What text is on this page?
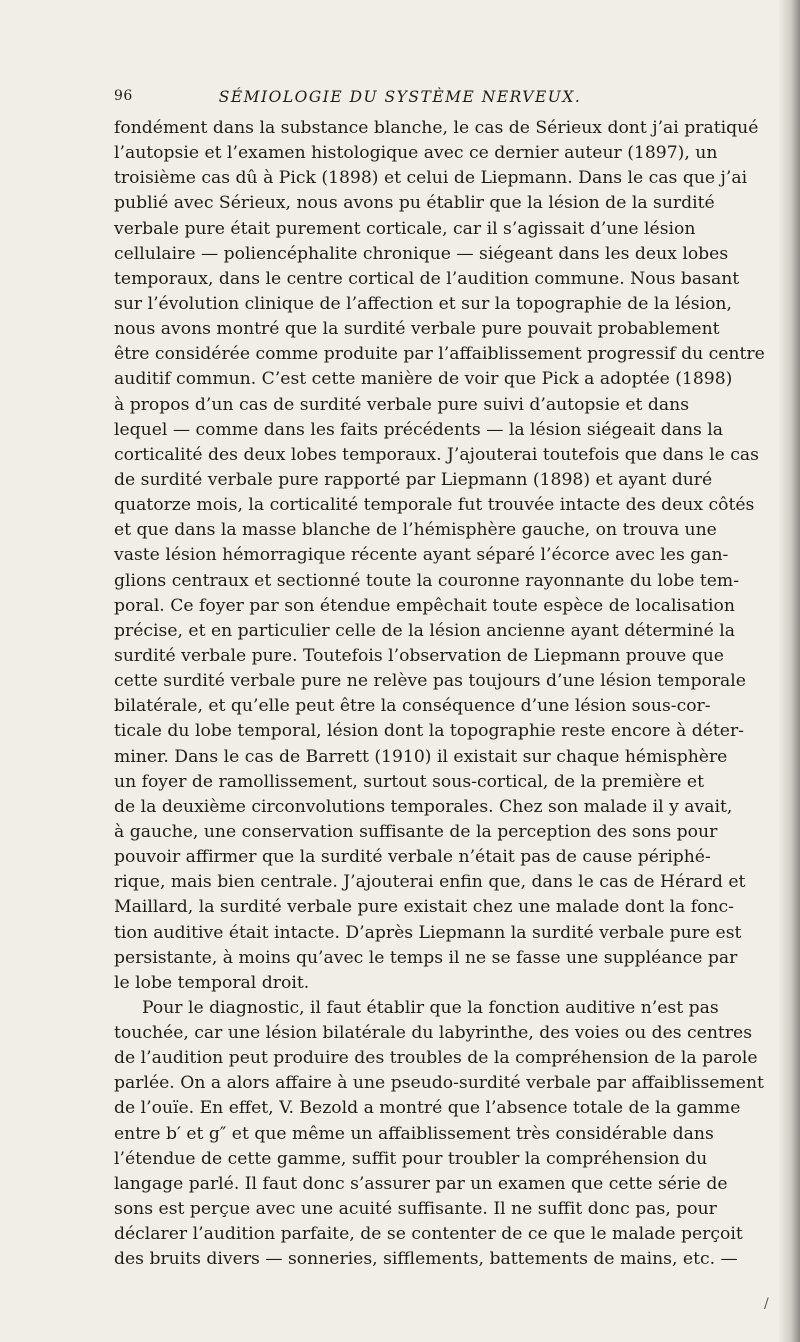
96	SÉMIOLOGIE DU SYSTÈME NERVEUX.
fondément dans la substance blanche, le cas de Sérieux dont j’ai pratiqué
l’autopsie et l’examen histologique avec ce dernier auteur (1897), un
troisième cas dû à Pick (1898) et celui de Liepmann. Dans le cas que j’ai
publié avec Sérieux, nous avons pu établir que la lésion de la surdité
verbale pure était purement corticale, car il s’agissait d’une lésion
cellulaire — poliencéphalite chronique — siégeant dans les deux lobes
temporaux, dans le centre cortical de l’audition commune. Nous basant
sur l’évolution clinique de l’affection et sur la topographie de la lésion,
nous avons montré que la surdité verbale pure pouvait probablement
être considérée comme produite par l’affaiblissement progressif du centre
auditif commun. C’est cette manière de voir que Pick a adoptée (1898)
à propos d’un cas de surdité verbale pure suivi d’autopsie et dans
lequel — comme dans les faits précédents — la lésion siégeait dans la
corticalité des deux lobes temporaux. J’ajouterai toutefois que dans le cas
de surdité verbale pure rapporté par Liepmann (1898) et ayant duré
quatorze mois, la corticalité temporale fut trouvée intacte des deux côtés
et que dans la masse blanche de l’hémisphère gauche, on trouva une
vaste lésion hémorragique récente ayant séparé l’écorce avec les gan-
glions centraux et sectionné toute la couronne rayonnante du lobe tem-
poral. Ce foyer par son étendue empêchait toute espèce de localisation
précise, et en particulier celle de la lésion ancienne ayant déterminé la
surdité verbale pure. Toutefois l’observation de Liepmann prouve que
cette surdité verbale pure ne relève pas toujours d’une lésion temporale
bilatérale, et qu’elle peut être la conséquence d’une lésion sous-cor-
ticale du lobe temporal, lésion dont la topographie reste encore à déter-
miner. Dans le cas de Barrett (1910) il existait sur chaque hémisphère
un foyer de ramollissement, surtout sous-cortical, de la première et
de la deuxième circonvolutions temporales. Chez son malade il y avait,
à gauche, une conservation suffisante de la perception des sons pour
pouvoir affirmer que la surdité verbale n’était pas de cause périphé-
rique, mais bien centrale. J’ajouterai enfin que, dans le cas de Hérard et
Maillard, la surdité verbale pure existait chez une malade dont la fonc-
tion auditive était intacte. D’après Liepmann la surdité verbale pure est
persistante, à moins qu’avec le temps il ne se fasse une suppléance par
le lobe temporal droit.
Pour le diagnostic, il faut établir que la fonction auditive n’est pas
touchée, car une lésion bilatérale du labyrinthe, des voies ou des centres
de l’audition peut produire des troubles de la compréhension de la parole
parlée. On a alors affaire à une pseudo-surdité verbale par affaiblissement
de l’ouïe. En effet, V. Bezold a montré que l’absence totale de la gamme
entre b′ et g″ et que même un affaiblissement très considérable dans
l’étendue de cette gamme, suffit pour troubler la compréhension du
langage parlé. Il faut donc s’assurer par un examen que cette série de
sons est perçue avec une acuité suffisante. Il ne suffit donc pas, pour
déclarer l’audition parfaite, de se contenter de ce que le malade perçoit
des bruits divers — sonneries, sifflements, battements de mains, etc. —
/
